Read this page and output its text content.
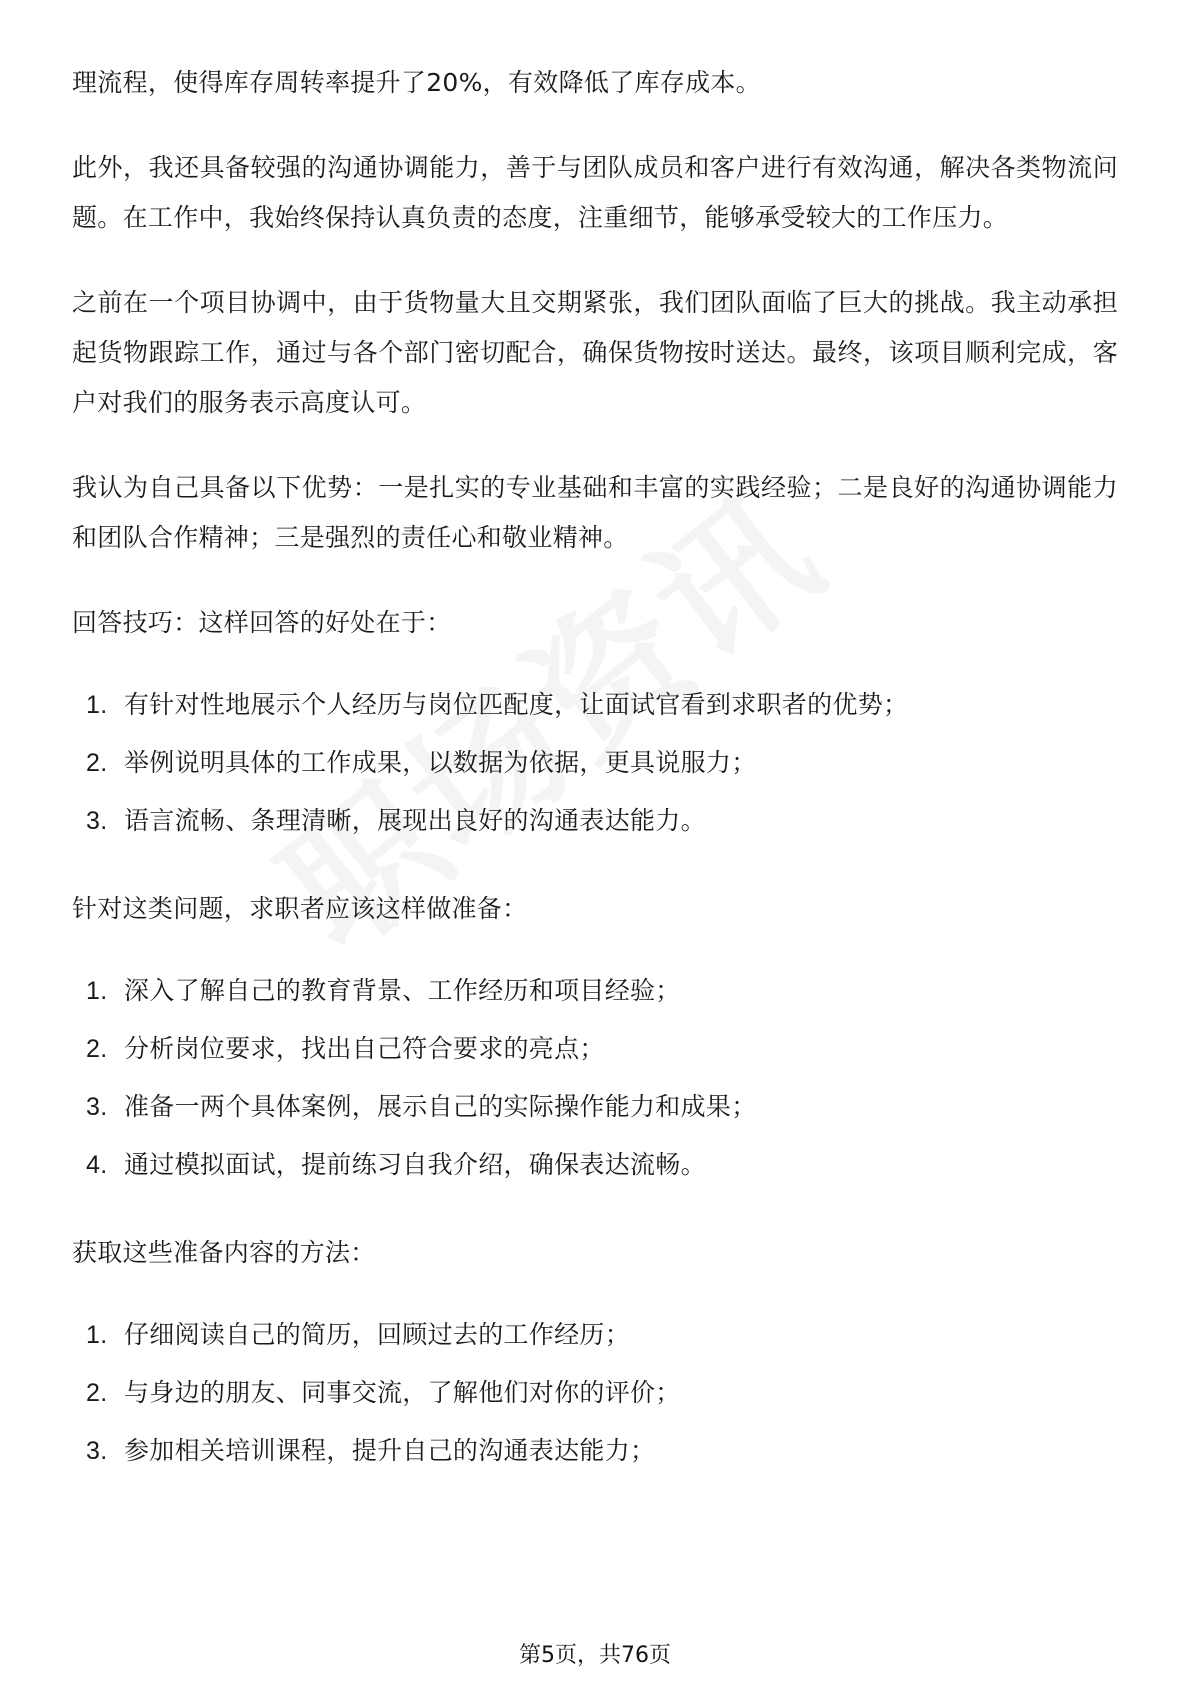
理流程，使得库存周转率提升了20%，有效降低了库存成本。

此外，我还具备较强的沟通协调能力，善于与团队成员和客户进行有效沟通，解决各类物流问题。在工作中，我始终保持认真负责的态度，注重细节，能够承受较大的工作压力。

之前在一个项目协调中，由于货物量大且交期紧张，我们团队面临了巨大的挑战。我主动承担起货物跟踪工作，通过与各个部门密切配合，确保货物按时送达。最终，该项目顺利完成，客户对我们的服务表示高度认可。

我认为自己具备以下优势：一是扎实的专业基础和丰富的实践经验；二是良好的沟通协调能力和团队合作精神；三是强烈的责任心和敬业精神。

回答技巧：这样回答的好处在于：

1. 有针对性地展示个人经历与岗位匹配度，让面试官看到求职者的优势；
2. 举例说明具体的工作成果，以数据为依据，更具说服力；
3. 语言流畅、条理清晰，展现出良好的沟通表达能力。

针对这类问题，求职者应该这样做准备：

1. 深入了解自己的教育背景、工作经历和项目经验；
2. 分析岗位要求，找出自己符合要求的亮点；
3. 准备一两个具体案例，展示自己的实际操作能力和成果；
4. 通过模拟面试，提前练习自我介绍，确保表达流畅。

获取这些准备内容的方法：

1. 仔细阅读自己的简历，回顾过去的工作经历；
2. 与身边的朋友、同事交流，了解他们对你的评价；
3. 参加相关培训课程，提升自己的沟通表达能力；
第5页，共76页
